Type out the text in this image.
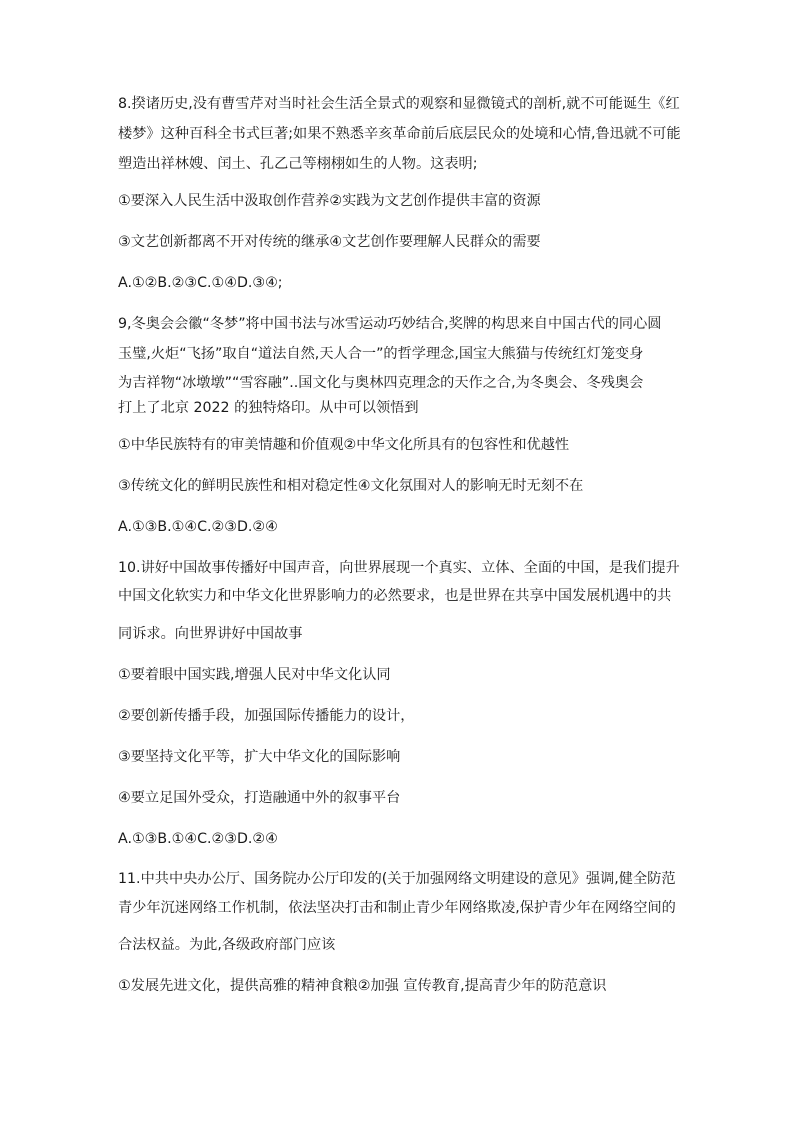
8.揆诸历史,没有曹雪芹对当时社会生活全景式的观察和显微镜式的剖析,就不可能诞生《红
楼梦》这种百科全书式巨著;如果不熟悉辛亥革命前后底层民众的处境和心情,鲁迅就不可能
塑造出祥林嫂、闰土、孔乙己等栩栩如生的人物。这表明;
①要深入人民生活中汲取创作营养②实践为文艺创作提供丰富的资源
③文艺创新都离不开对传统的继承④文艺创作要理解人民群众的需要
A.①②B.②③C.①④D.③④;
9,冬奥会会徽“冬梦”将中国书法与冰雪运动巧妙结合,奖牌的构思来自中国古代的同心圆
玉璧,火炬“飞扬”取自“道法自然,天人合一”的哲学理念,国宝大熊猫与传统红灯笼变身
为吉祥物“冰墩墩”“雪容融”..国文化与奥林四克理念的天作之合,为冬奥会、冬残奥会
打上了北京 2022 的独特烙印。从中可以领悟到
①中华民族特有的审美情趣和价值观②中华文化所具有的包容性和优越性
③传统文化的鲜明民族性和相对稳定性④文化氛围对人的影响无时无刻不在
A.①③B.①④C.②③D.②④
10.讲好中国故事传播好中国声音，向世界展现一个真实、立体、全面的中国，是我们提升
中国文化软实力和中华文化世界影响力的必然要求，也是世界在共享中国发展机遇中的共
同诉求。向世界讲好中国故事
①要着眼中国实践,增强人民对中华文化认同
②要创新传播手段，加强国际传播能力的设计，
③要坚持文化平等，扩大中华文化的国际影响
④要立足国外受众，打造融通中外的叙事平台
A.①③B.①④C.②③D.②④
11.中共中央办公厅、国务院办公厅印发的(关于加强网络文明建设的意见》强调,健全防范
青少年沉迷网络工作机制，依法坚决打击和制止青少年网络欺凌,保护青少年在网络空间的
合法权益。为此,各级政府部门应该
①发展先进文化，提供高雅的精神食粮②加强 宣传教育,提高青少年的防范意识
